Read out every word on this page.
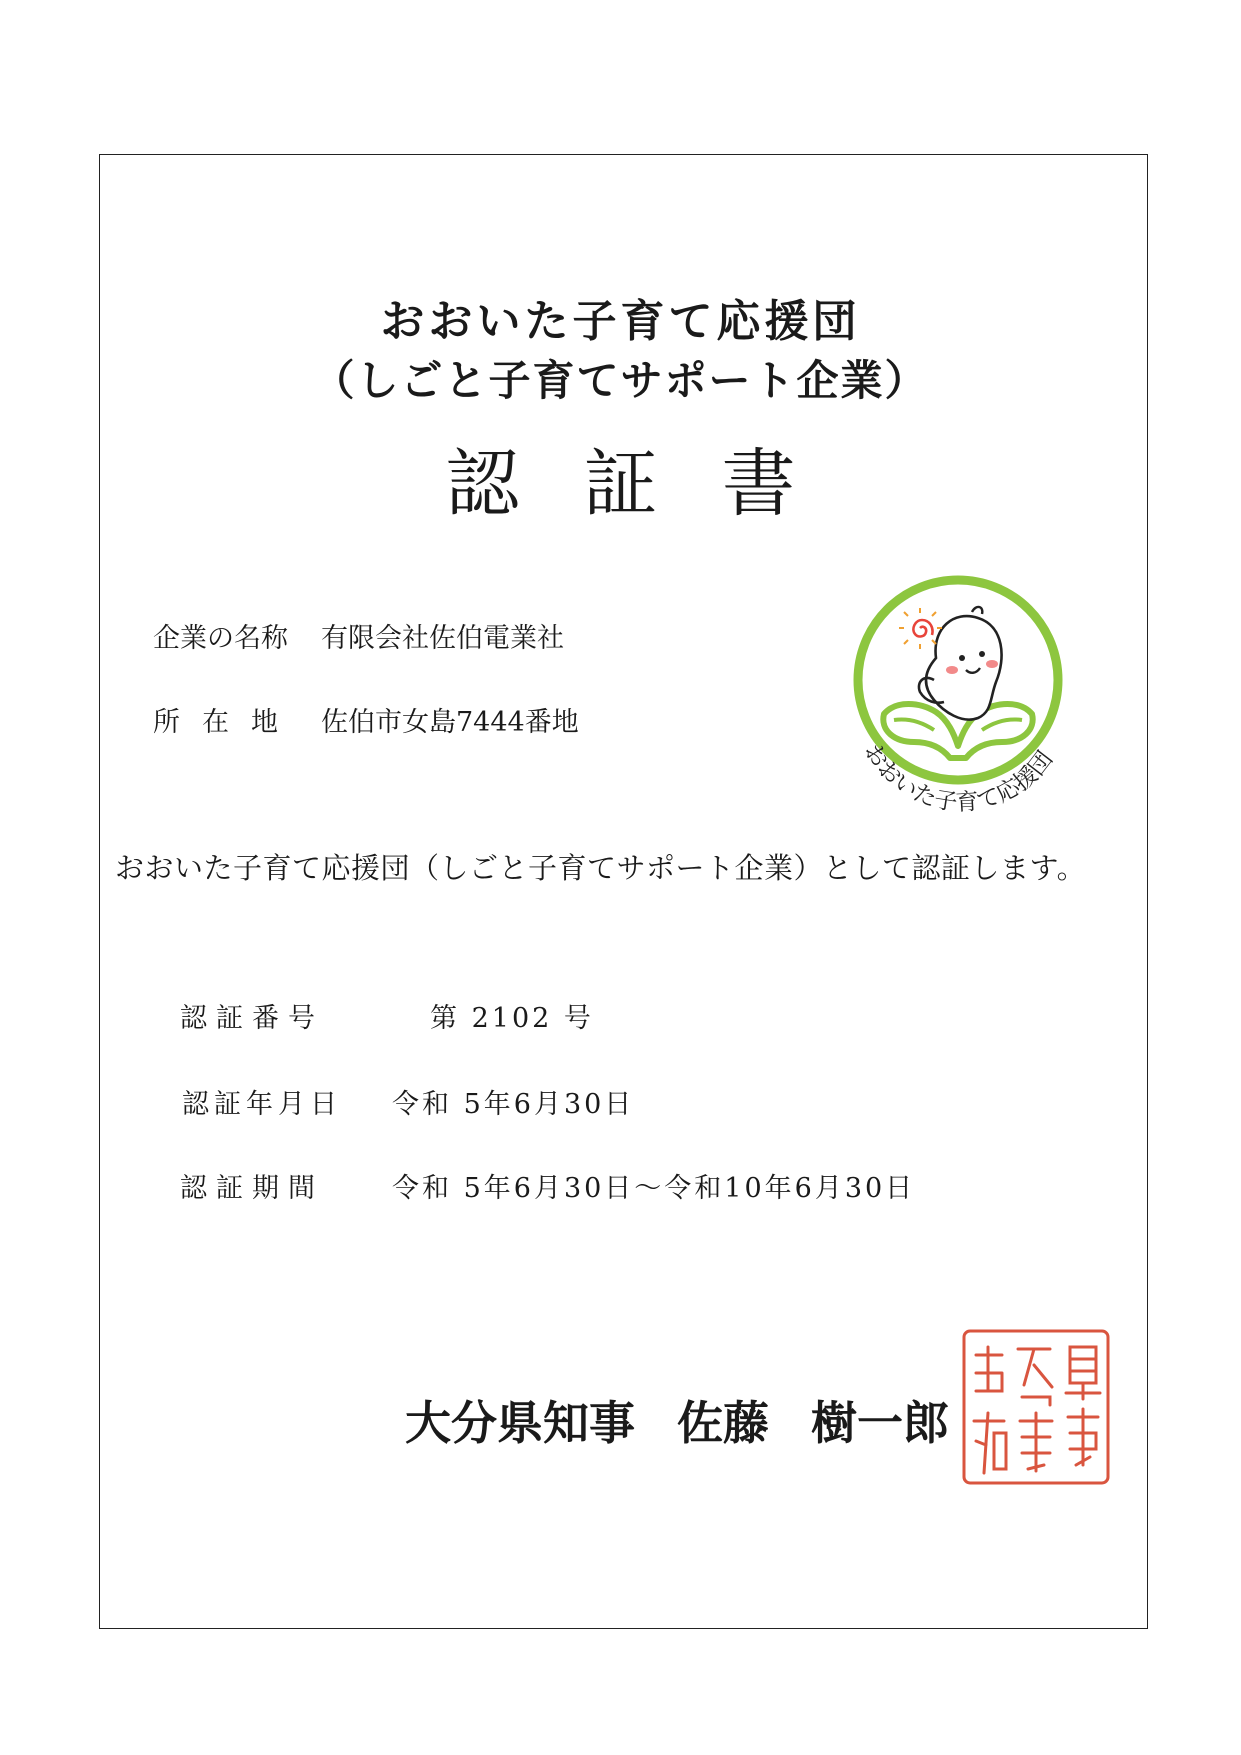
おおいた子育て応援団
（しごと子育てサポート企業）
認 証 書
企業の名称 有限会社佐伯電業社
所在地 佐伯市女島7444番地
おおいた子育て応援団
おおいた子育て応援団（しごと子育てサポート企業）として認証します。
認証番号	第 2102 号
認証年月日 令和 5年6月30日
認証期間	令和 5年6月30日～令和10年6月30日
大分県知事 佐藤 樹一郎
